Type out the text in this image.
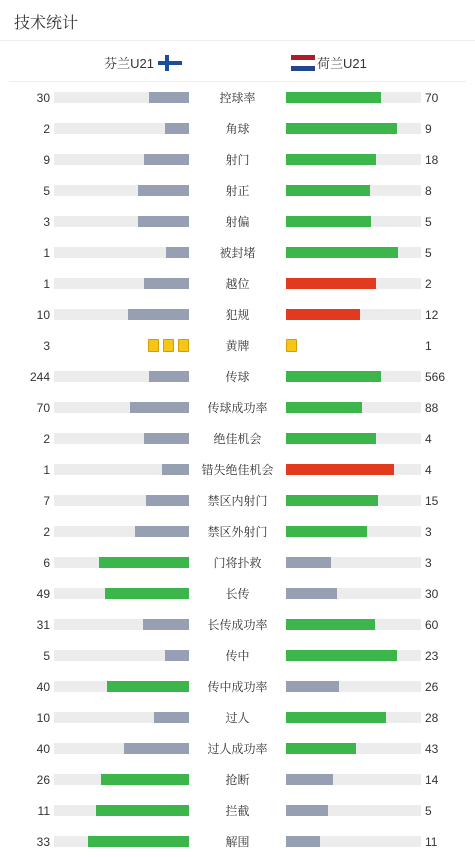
技术统计
芬兰U21	荷兰U21
30	控球率	70
2	角球	9
9	射门	18
5	射正	8
3	射偏	5
1	被封堵	5
1	越位	2
10	犯规	12
3	黄牌	1
244	传球	566
70	传球成功率	88
2	绝佳机会	4
1	错失绝佳机会	4
7	禁区内射门	15
2	禁区外射门	3
6	门将扑救	3
49	长传	30
31	长传成功率	60
5	传中	23
40	传中成功率	26
10	过人	28
40	过人成功率	43
26	抢断	14
11	拦截	5
33	解围	11
